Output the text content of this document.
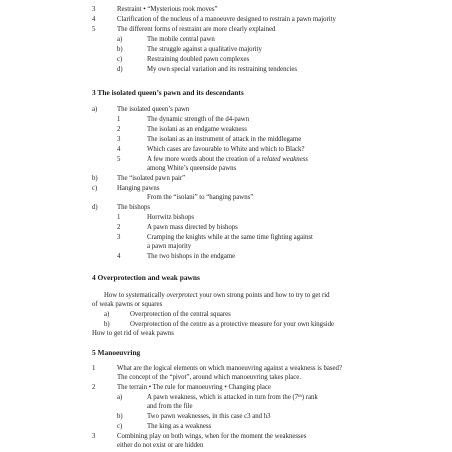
3	Restraint • “Mysterious rook moves”
4	Clarification of the nucleus of a manoeuvre designed to restrain a pawn majority
5	The different forms of restraint are more clearly explained
a)	The mobile central pawn
b)	The struggle against a qualitative majority
c)	Restraining doubled pawn complexes
d)	My own special variation and its restraining tendencies
3 The isolated queen’s pawn and its descendants
a)	The isolated queen’s pawn
1	The dynamic strength of the d4-pawn
2	The isolani as an endgame weakness
3	The isolani as an instrument of attack in the middlegame
4	Which cases are favourable to White and which to Black?
5	A few more words about the creation of a related weakness
among White’s queenside pawns
b)	The “isolated pawn pair”
c)	Hanging pawns
From the “isolani” to “hanging pawns”
d)	The bishops
1	Horrwitz bishops
2	A pawn mass directed by bishops
3	Cramping the knights while at the same time fighting against
a pawn majority
4	The two bishops in the endgame
4 Overprotection and weak pawns
How to systematically overprotect your own strong points and how to try to get rid
of weak pawns or squares
a)	Overprotection of the central squares
b)	Overprotection of the centre as a protective measure for your own kingside
How to get rid of weak pawns
5 Manoeuvring
1	What are the logical elements on which manoeuvring against a weakness is based?
The concept of the “pivot”, around which manoeuvring takes place.
2	The terrain • The rule for manoeuvring • Changing place
a)	A pawn weakness, which is attacked in turn from the (7th) rank
and from the file
b)	Two pawn weaknesses, in this case c3 and h3
c)	The king as a weakness
3	Combining play on both wings, when for the moment the weaknesses
either do not exist or are hidden
